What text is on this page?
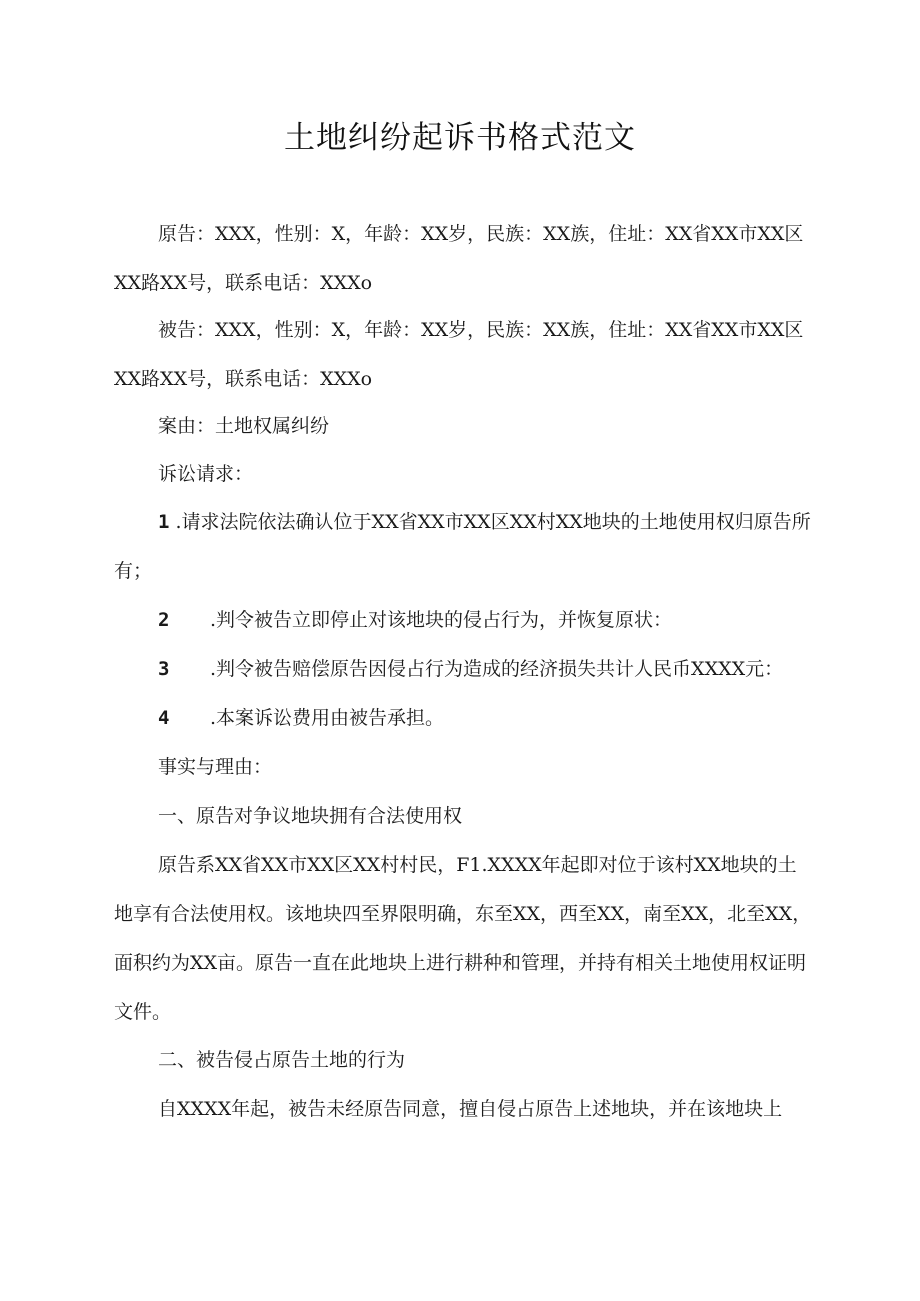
土地纠纷起诉书格式范文

原告：XXX，性别：X，年龄：XX岁，民族：XX族，住址：XX省XX市XX区XX路XX号，联系电话：XXXo

被告：XXX，性别：X，年龄：XX岁，民族：XX族，住址：XX省XX市XX区XX路XX号，联系电话：XXXo

案由：土地权属纠纷

诉讼请求：

1 .请求法院依法确认位于XX省XX市XX区XX村XX地块的土地使用权归原告所有；
2 .判令被告立即停止对该地块的侵占行为，并恢复原状：
3 .判令被告赔偿原告因侵占行为造成的经济损失共计人民币XXXX元：
4 .本案诉讼费用由被告承担。

事实与理由：

一、原告对争议地块拥有合法使用权

原告系XX省XX市XX区XX村村民，F1.XXXX年起即对位于该村XX地块的土地享有合法使用权。该地块四至界限明确，东至XX，西至XX，南至XX，北至XX，面积约为XX亩。原告一直在此地块上进行耕种和管理，并持有相关土地使用权证明文件。

二、被告侵占原告土地的行为

自XXXX年起，被告未经原告同意，擅自侵占原告上述地块，并在该地块上
